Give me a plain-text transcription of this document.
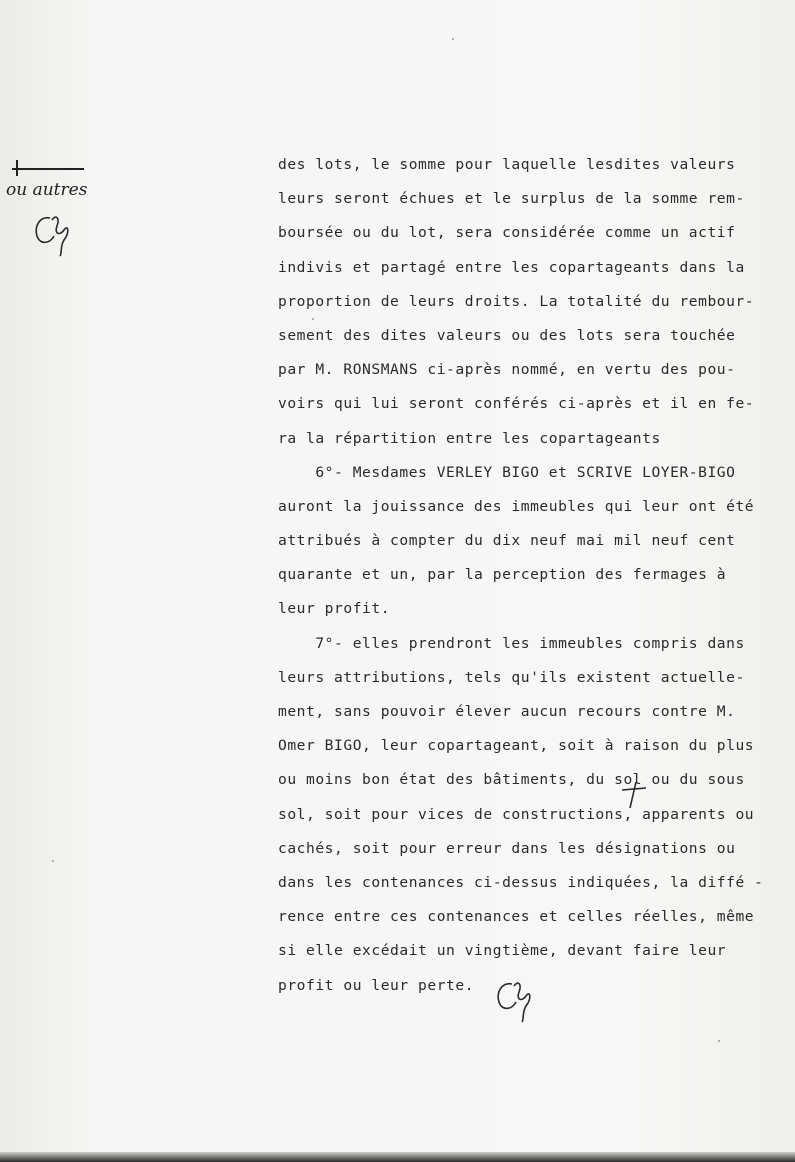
ou autres
des lots, le somme pour laquelle lesdites valeurs
leurs seront échues et le surplus de la somme rem-
boursée ou du lot, sera considérée comme un actif
indivis et partagé entre les copartageants dans la
proportion de leurs droits. La totalité du rembour-
sement des dites valeurs ou des lots sera touchée
par M. RONSMANS ci-après nommé, en vertu des pou-
voirs qui lui seront conférés ci-après et il en fe-
ra la répartition entre les copartageants
6°- Mesdames VERLEY BIGO et SCRIVE LOYER-BIGO
auront la jouissance des immeubles qui leur ont été
attribués à compter du dix neuf mai mil neuf cent
quarante et un, par la perception des fermages à
leur profit.
7°- elles prendront les immeubles compris dans
leurs attributions, tels qu'ils existent actuelle-
ment, sans pouvoir élever aucun recours contre M.
Omer BIGO, leur copartageant, soit à raison du plus
ou moins bon état des bâtiments, du sol ou du sous
sol, soit pour vices de constructions, apparents ou
cachés, soit pour erreur dans les désignations ou
dans les contenances ci-dessus indiquées, la diffé -
rence entre ces contenances et celles réelles, même
si elle excédait un vingtième, devant faire leur
profit ou leur perte.
